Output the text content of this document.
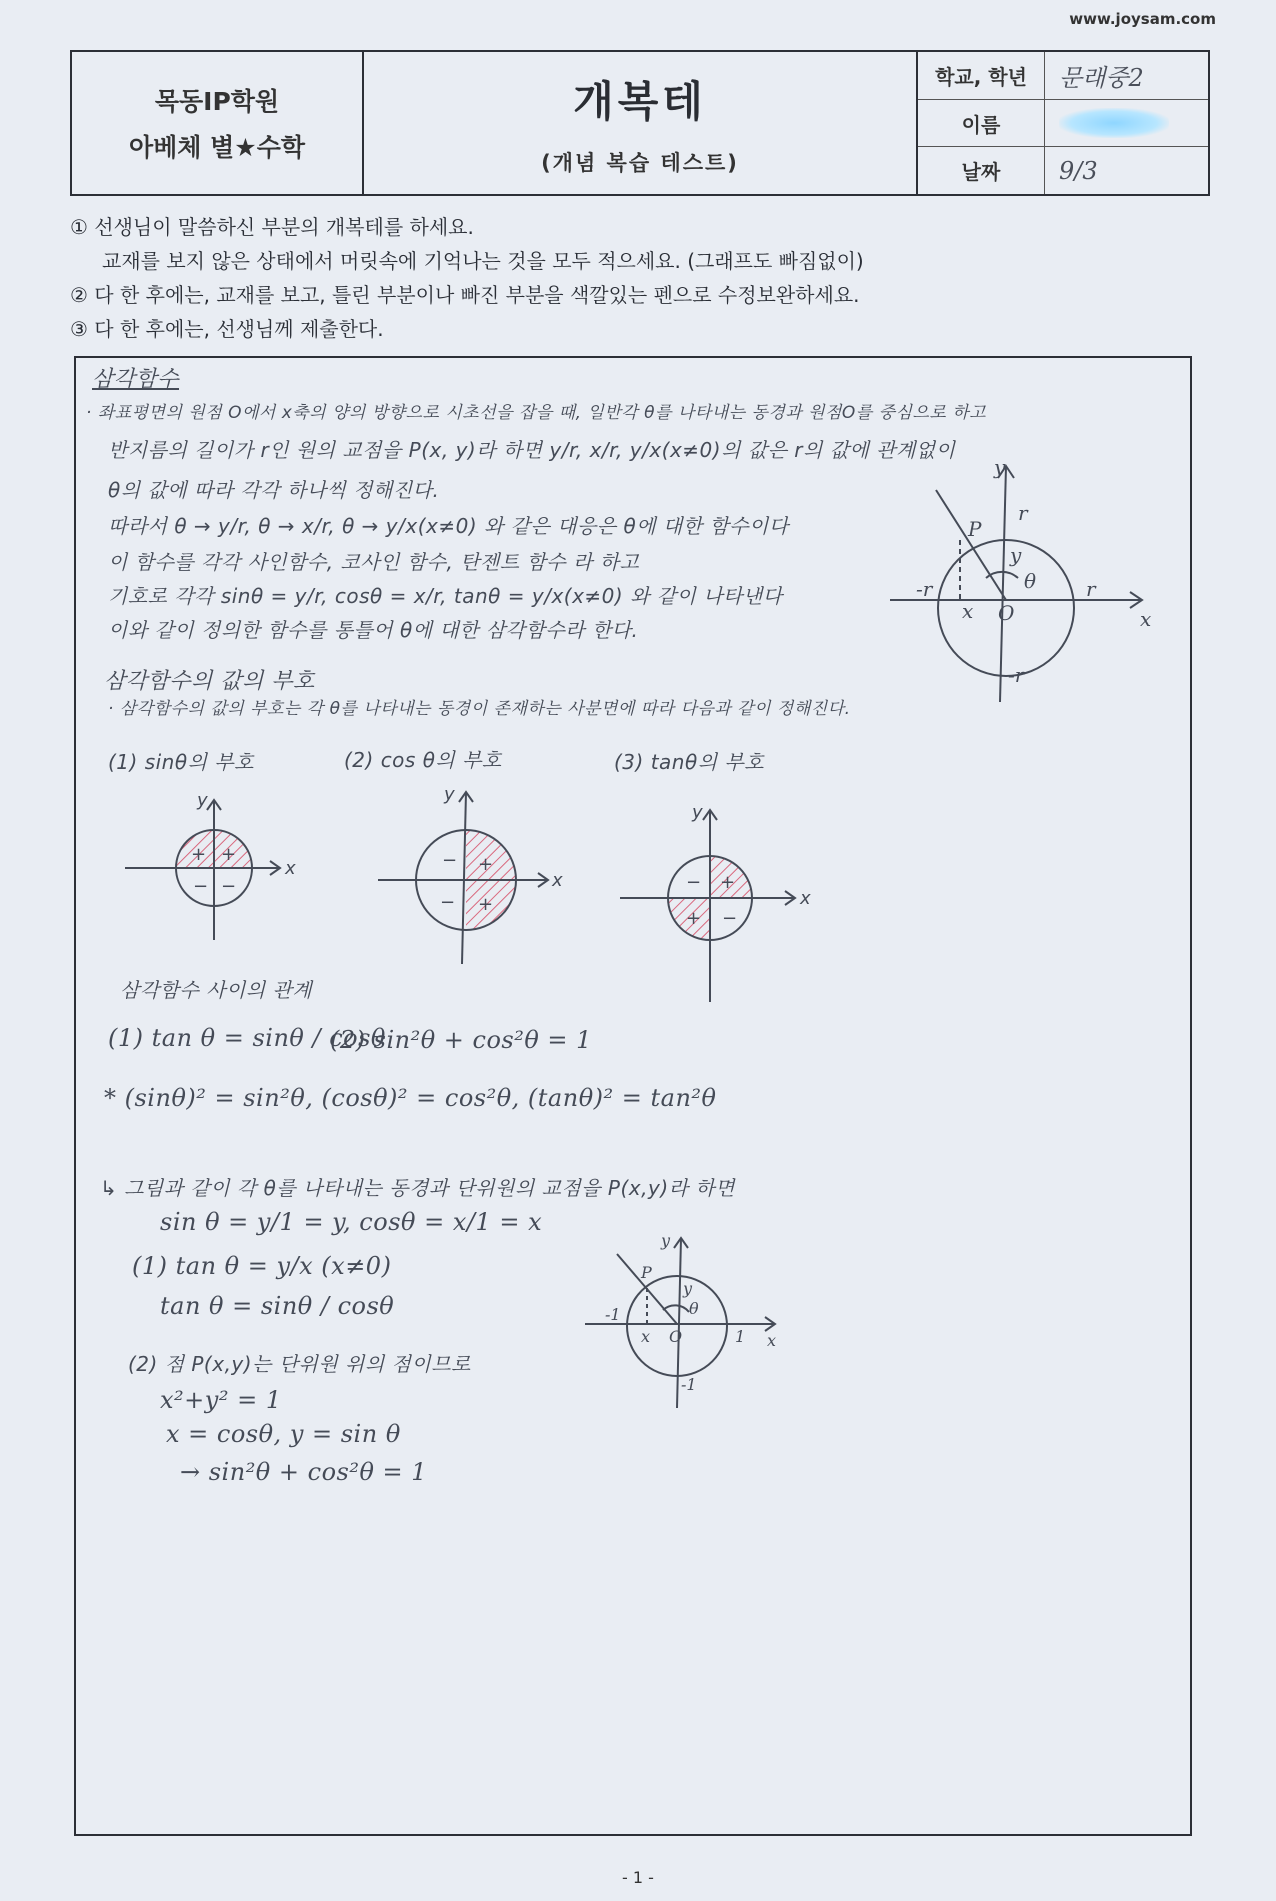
www.joysam.com
목동IP학원
아베체 별★수학
개복테
(개념 복습 테스트)
학교, 학년	문래중2
이름
날짜	9/3
① 선생님이 말씀하신 부분의 개복테를 하세요.
교재를 보지 않은 상태에서 머릿속에 기억나는 것을 모두 적으세요. (그래프도 빠짐없이)
② 다 한 후에는, 교재를 보고, 틀린 부분이나 빠진 부분을 색깔있는 펜으로 수정보완하세요.
③ 다 한 후에는, 선생님께 제출한다.
삼각함수
· 좌표평면의 원점 O에서 x축의 양의 방향으로 시초선을 잡을 때, 일반각 θ를 나타내는 동경과 원점O를 중심으로 하고
반지름의 길이가 r인 원의 교점을 P(x, y)라 하면 y/r, x/r, y/x(x≠0)의 값은 r의 값에 관계없이
θ의 값에 따라 각각 하나씩 정해진다.
따라서 θ → y/r, θ → x/r, θ → y/x(x≠0) 와 같은 대응은 θ에 대한 함수이다
이 함수를 각각 사인함수, 코사인 함수, 탄젠트 함수 라 하고
기호로 각각 sinθ = y/r, cosθ = x/r, tanθ = y/x(x≠0) 와 같이 나타낸다
이와 같이 정의한 함수를 통틀어 θ에 대한 삼각함수라 한다.
P
r
r
-r
-r
x
y
O
x
y
θ
삼각함수의 값의 부호
· 삼각함수의 값의 부호는 각 θ를 나타내는 동경이 존재하는 사분면에 따라 다음과 같이 정해진다.
(1) sinθ의 부호	(2) cos θ의 부호	(3) tanθ의 부호
+ +
− −
x
y
− +
− +
x
y
− +
+ −
x
y
삼각함수 사이의 관계
(1) tan θ = sinθ / cosθ
(2) sin²θ + cos²θ = 1
* (sinθ)² = sin²θ, (cosθ)² = cos²θ, (tanθ)² = tan²θ
↳ 그림과 같이 각 θ를 나타내는 동경과 단위원의 교점을 P(x,y)라 하면
sin θ = y/1 = y, cosθ = x/1 = x
(1) tan θ = y/x (x≠0)
tan θ = sinθ / cosθ
(2) 점 P(x,y)는 단위원 위의 점이므로
x²+y² = 1
x = cosθ, y = sin θ
→ sin²θ + cos²θ = 1
P
O
x
y
θ
1
-1
-1
x
y
- 1 -
